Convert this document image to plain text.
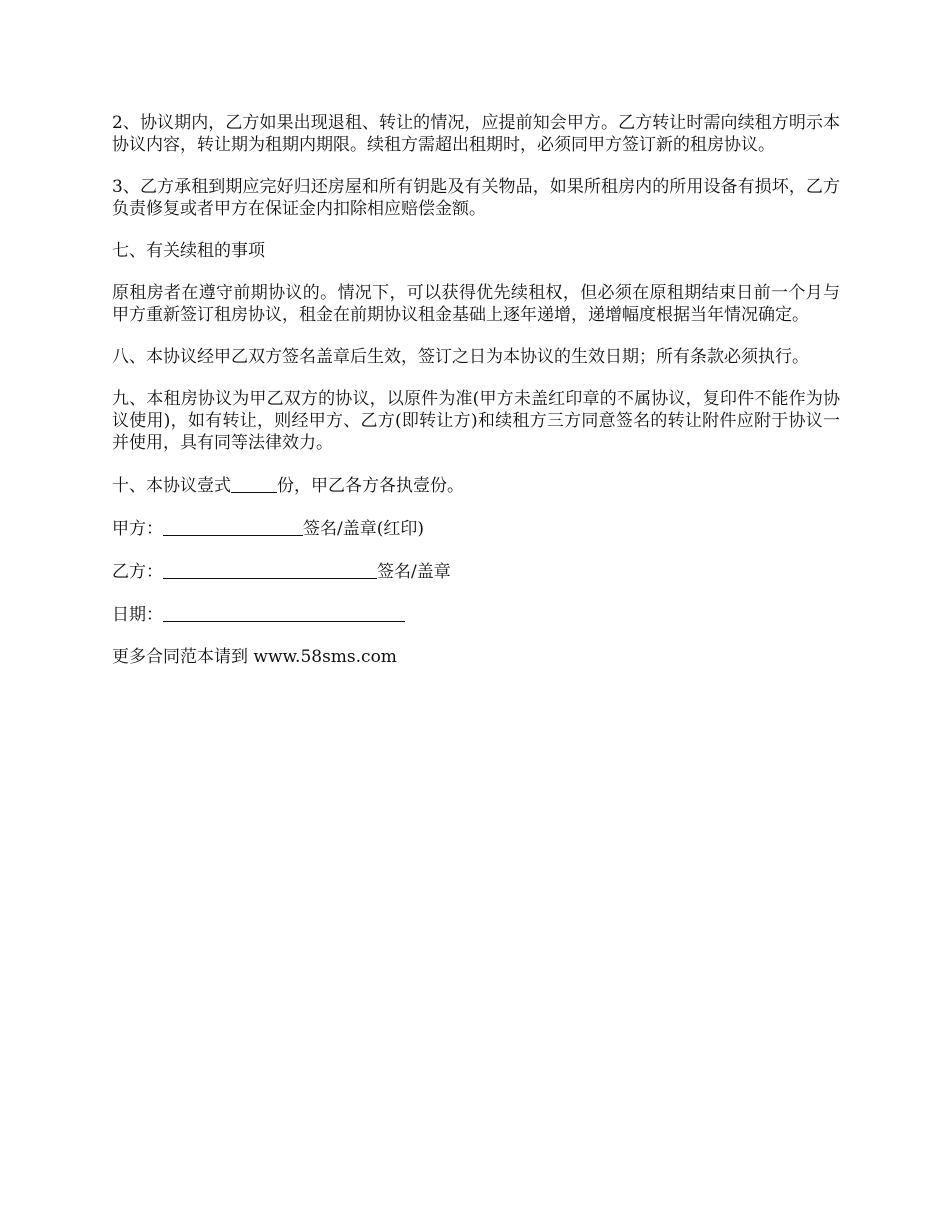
2、协议期内，乙方如果出现退租、转让的情况，应提前知会甲方。乙方转让时需向续租方明示本协议内容，转让期为租期内期限。续租方需超出租期时，必须同甲方签订新的租房协议。

3、乙方承租到期应完好归还房屋和所有钥匙及有关物品，如果所租房内的所用设备有损坏，乙方负责修复或者甲方在保证金内扣除相应赔偿金额。

七、有关续租的事项

原租房者在遵守前期协议的。情况下，可以获得优先续租权，但必须在原租期结束日前一个月与甲方重新签订租房协议，租金在前期协议租金基础上逐年递增，递增幅度根据当年情况确定。

八、本协议经甲乙双方签名盖章后生效，签订之日为本协议的生效日期；所有条款必须执行。

九、本租房协议为甲乙双方的协议，以原件为准(甲方未盖红印章的不属协议，复印件不能作为协议使用)，如有转让，则经甲方、乙方(即转让方)和续租方三方同意签名的转让附件应附于协议一并使用，具有同等法律效力。

十、本协议壹式	份，甲乙各方各执壹份。

甲方：	签名/盖章(红印)

乙方：	签名/盖章

日期：

更多合同范本请到 www.58sms.com
